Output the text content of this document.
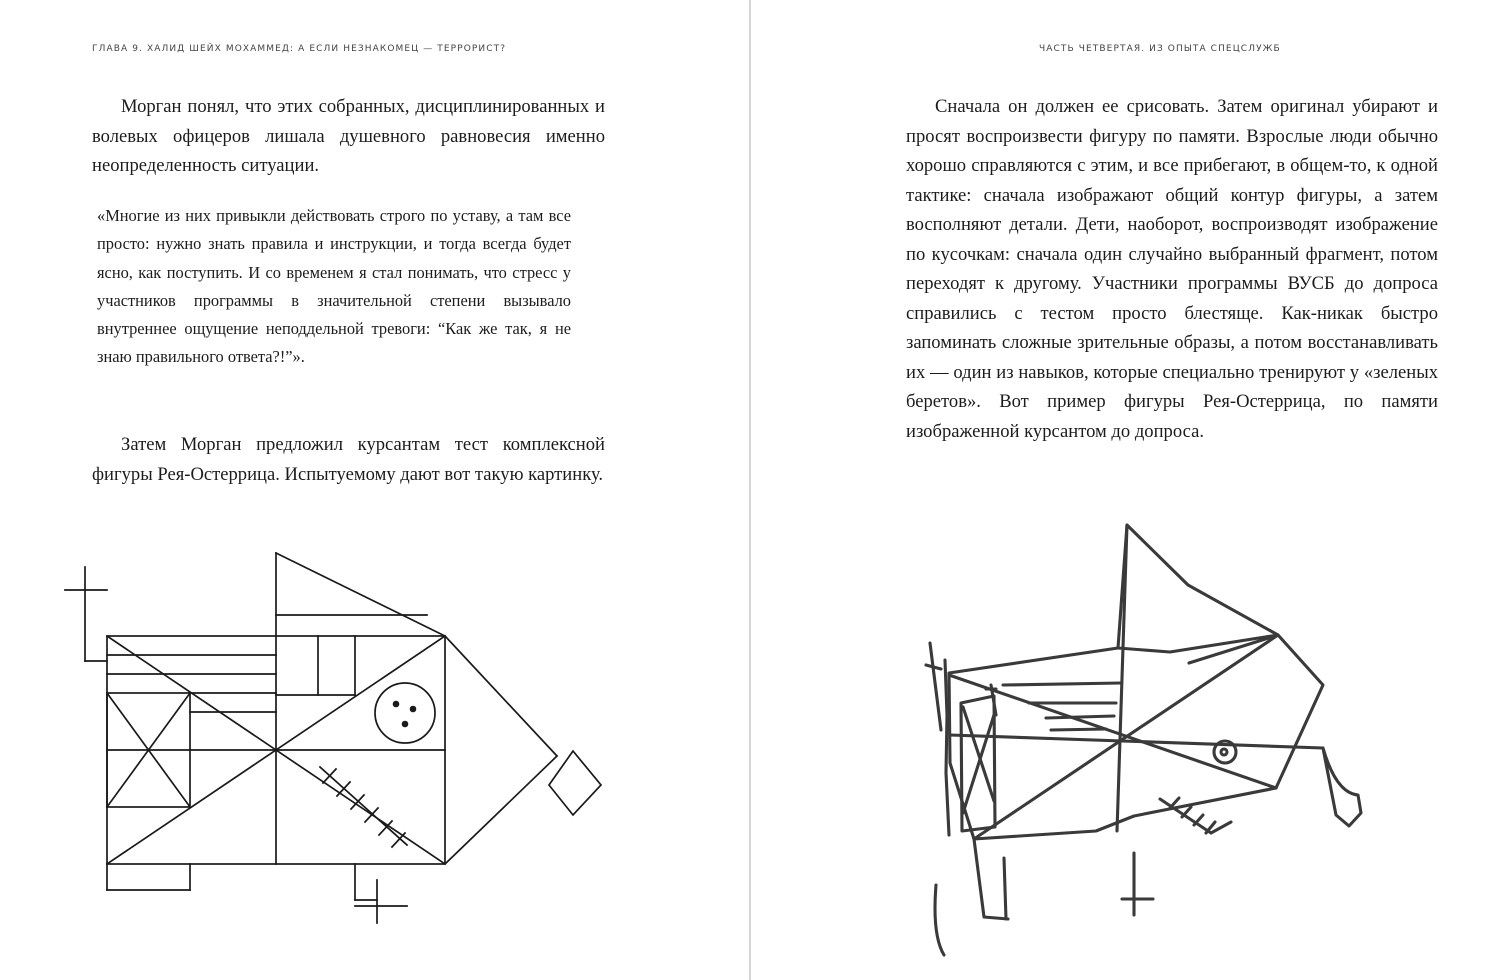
ГЛАВА 9. ХАЛИД ШЕЙХ МОХАММЕД: А ЕСЛИ НЕЗНАКОМЕЦ — ТЕРРОРИСТ?

Морган понял, что этих собранных, дисциплинированных и волевых офицеров лишала душевного равновесия именно неопределенность ситуации.

«Многие из них привыкли действовать строго по уставу, а там все просто: нужно знать правила и инструкции, и тогда всегда будет ясно, как поступить. И со временем я стал понимать, что стресс у участников программы в значительной степени вызывало внутреннее ощущение неподдельной тревоги: “Как же так, я не знаю правильного ответа?!”».

Затем Морган предложил курсантам тест комплексной фигуры Рея-Остеррица. Испытуемому дают вот такую картинку.

ЧАСТЬ ЧЕТВЕРТАЯ. ИЗ ОПЫТА СПЕЦСЛУЖБ

Сначала он должен ее срисовать. Затем оригинал убирают и просят воспроизвести фигуру по памяти. Взрослые люди обычно хорошо справляются с этим, и все прибегают, в общем-то, к одной тактике: сначала изображают общий контур фигуры, а затем восполняют детали. Дети, наоборот, воспроизводят изображение по кусочкам: сначала один случайно выбранный фрагмент, потом переходят к другому. Участники программы ВУСБ до допроса справились с тестом просто блестяще. Как-никак быстро запоминать сложные зрительные образы, а потом восстанавливать их — один из навыков, которые специально тренируют у «зеленых беретов». Вот пример фигуры Рея-Остеррица, по памяти изображенной курсантом до допроса.
